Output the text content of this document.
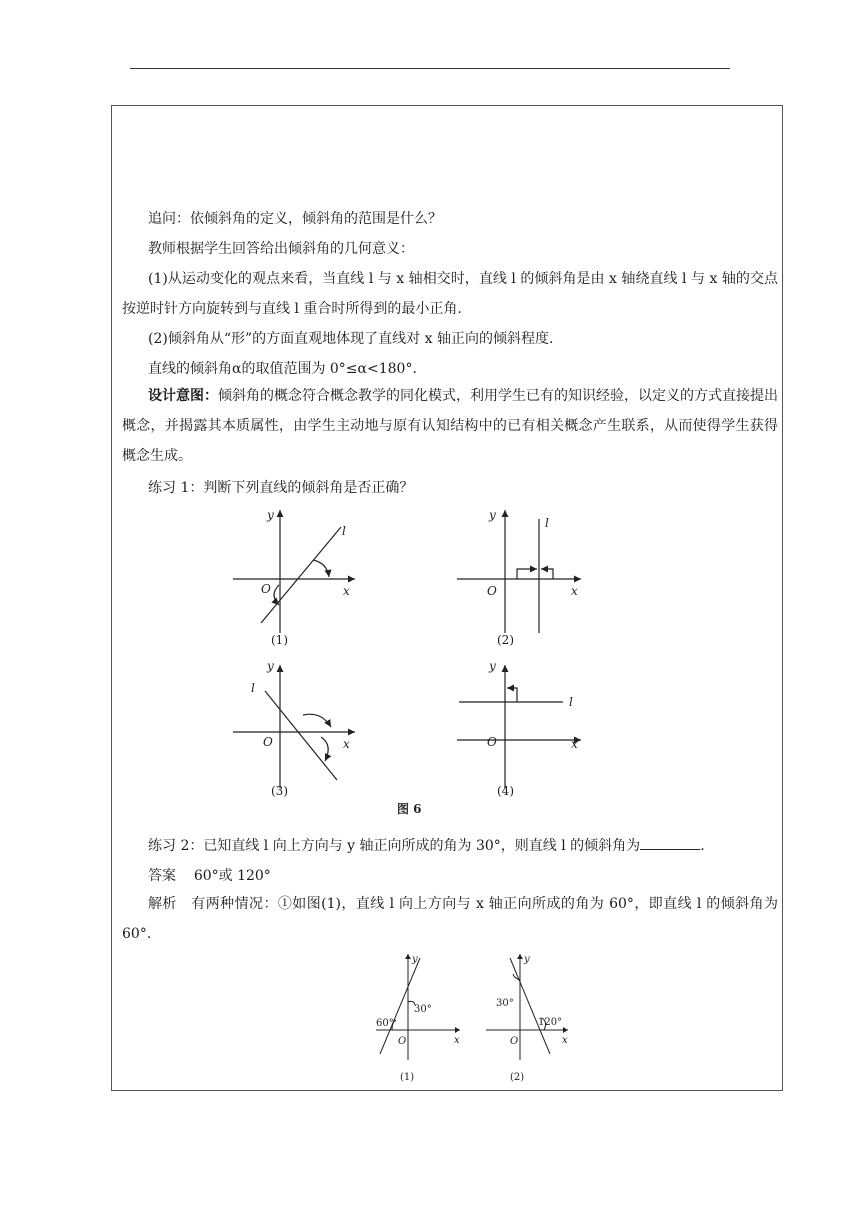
追问：依倾斜角的定义，倾斜角的范围是什么？

教师根据学生回答给出倾斜角的几何意义：

(1)从运动变化的观点来看，当直线 l 与 x 轴相交时，直线 l 的倾斜角是由 x 轴绕直线 l 与 x 轴的交点按逆时针方向旋转到与直线 l 重合时所得到的最小正角.

(2)倾斜角从“形”的方面直观地体现了直线对 x 轴正向的倾斜程度.

直线的倾斜角α的取值范围为 0°≤α<180°.

设计意图：倾斜角的概念符合概念教学的同化模式，利用学生已有的知识经验，以定义的方式直接提出概念，并揭露其本质属性，由学生主动地与原有认知结构中的已有相关概念产生联系，从而使得学生获得概念生成。

练习 1：判断下列直线的倾斜角是否正确？

y
x
O
l
y
x
O
l
y
x
O
l
y
x
O
l
(1)	(2)
(3)	(4)
图 6

练习 2：已知直线 l 向上方向与 y 轴正向所成的角为 30°，则直线 l 的倾斜角为	.

答案 60°或 120°

解析　有两种情况：①如图(1)，直线 l 向上方向与 x 轴正向所成的角为 60°，即直线 l 的倾斜角为 60°.

30°
60°
30°
120°
y
x
O
y
x
O
(1)	(2)
